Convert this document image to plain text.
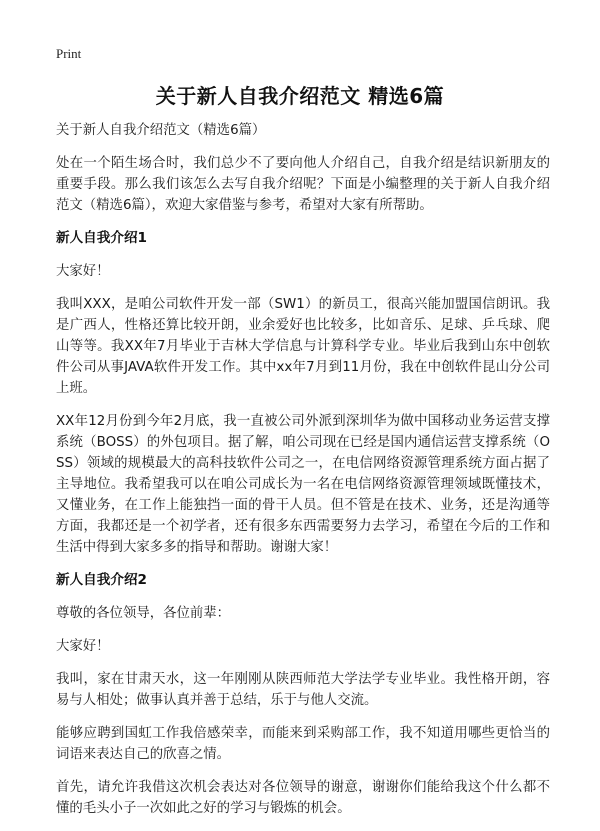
Print
关于新人自我介绍范文 精选6篇

关于新人自我介绍范文（精选6篇）

处在一个陌生场合时，我们总少不了要向他人介绍自己，自我介绍是结识新朋友的重要手段。那么我们该怎么去写自我介绍呢？下面是小编整理的关于新人自我介绍范文（精选6篇），欢迎大家借鉴与参考，希望对大家有所帮助。

新人自我介绍1

大家好！

我叫XXX，是咱公司软件开发一部（SW1）的新员工，很高兴能加盟国信朗讯。我是广西人，性格还算比较开朗，业余爱好也比较多，比如音乐、足球、乒乓球、爬山等等。我XX年7月毕业于吉林大学信息与计算科学专业。毕业后我到山东中创软件公司从事JAVA软件开发工作。其中xx年7月到11月份，我在中创软件昆山分公司上班。

XX年12月份到今年2月底，我一直被公司外派到深圳华为做中国移动业务运营支撑系统（BOSS）的外包项目。据了解，咱公司现在已经是国内通信运营支撑系统（OSS）领域的规模最大的高科技软件公司之一，在电信网络资源管理系统方面占据了主导地位。我希望我可以在咱公司成长为一名在电信网络资源管理领域既懂技术，又懂业务，在工作上能独挡一面的骨干人员。但不管是在技术、业务，还是沟通等方面，我都还是一个初学者，还有很多东西需要努力去学习，希望在今后的工作和生活中得到大家多多的指导和帮助。谢谢大家！

新人自我介绍2

尊敬的各位领导，各位前辈：

大家好！

我叫，家在甘肃天水，这一年刚刚从陕西师范大学法学专业毕业。我性格开朗，容易与人相处；做事认真并善于总结，乐于与他人交流。

能够应聘到国虹工作我倍感荣幸，而能来到采购部工作，我不知道用哪些更恰当的词语来表达自己的欣喜之情。

首先，请允许我借这次机会表达对各位领导的谢意，谢谢你们能给我这个什么都不懂的毛头小子一次如此之好的学习与锻炼的机会。
